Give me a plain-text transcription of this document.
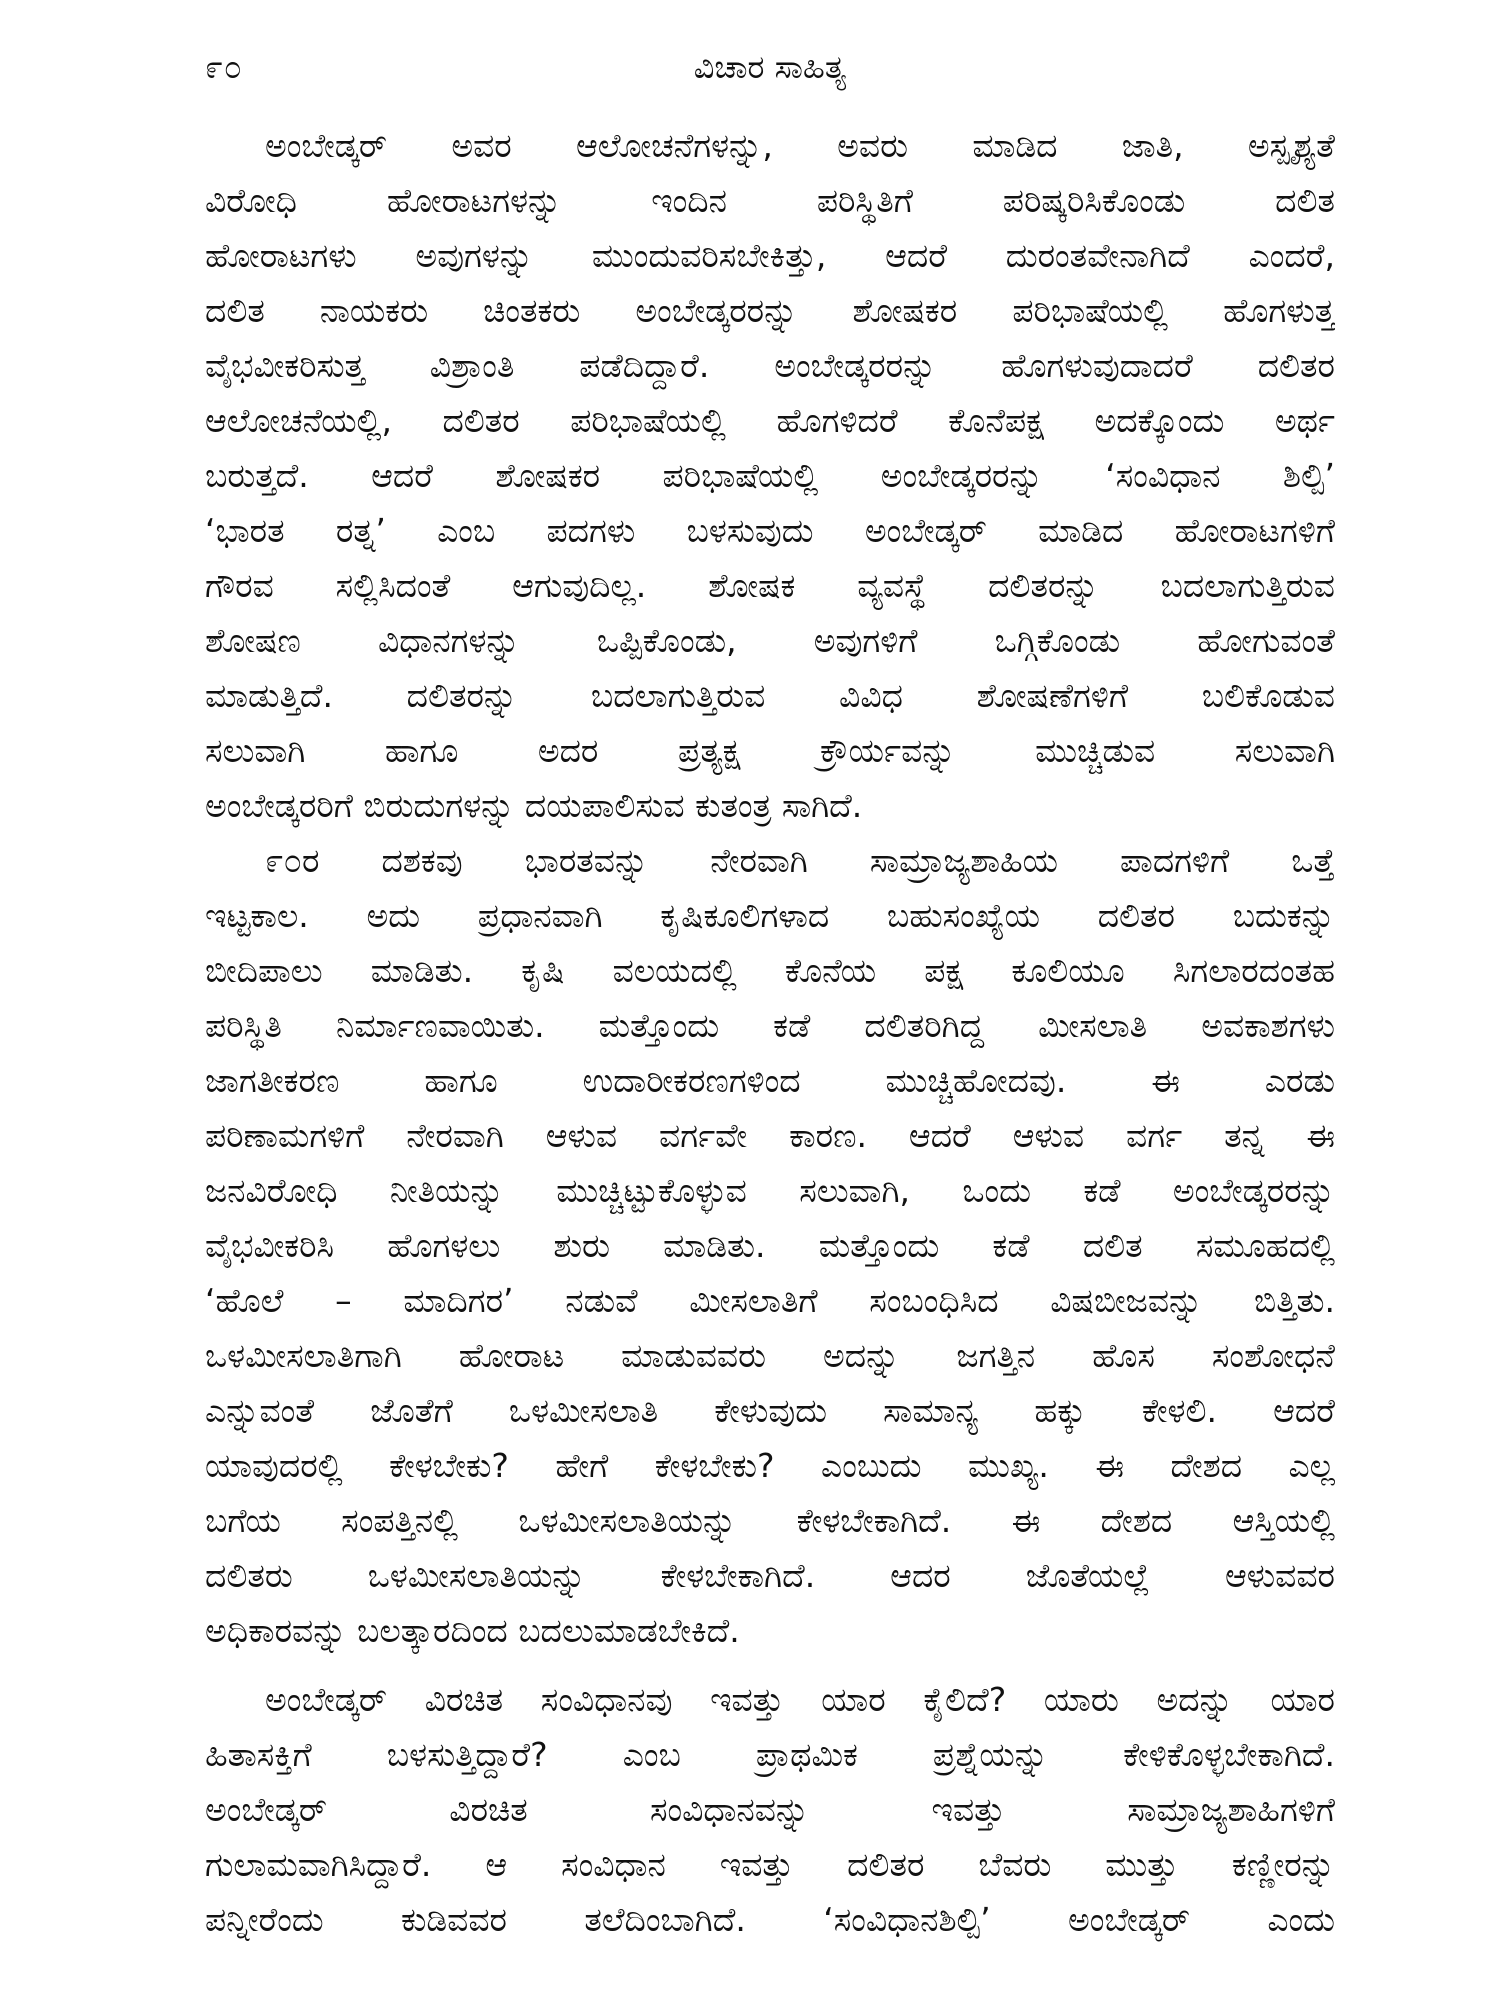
೯೦	ವಿಚಾರ ಸಾಹಿತ್ಯ
ಅಂಬೇಡ್ಕರ್ ಅವರ ಆಲೋಚನೆಗಳನ್ನು, ಅವರು ಮಾಡಿದ ಜಾತಿ, ಅಸ್ಪೃಶ್ಯತೆ
ವಿರೋಧಿ ಹೋರಾಟಗಳನ್ನು ಇಂದಿನ ಪರಿಸ್ಥಿತಿಗೆ ಪರಿಷ್ಕರಿಸಿಕೊಂಡು ದಲಿತ
ಹೋರಾಟಗಳು ಅವುಗಳನ್ನು ಮುಂದುವರಿಸಬೇಕಿತ್ತು, ಆದರೆ ದುರಂತವೇನಾಗಿದೆ ಎಂದರೆ,
ದಲಿತ ನಾಯಕರು ಚಿಂತಕರು ಅಂಬೇಡ್ಕರರನ್ನು ಶೋಷಕರ ಪರಿಭಾಷೆಯಲ್ಲಿ ಹೊಗಳುತ್ತ
ವೈಭವೀಕರಿಸುತ್ತ ವಿಶ್ರಾಂತಿ ಪಡೆದಿದ್ದಾರೆ. ಅಂಬೇಡ್ಕರರನ್ನು ಹೊಗಳುವುದಾದರೆ ದಲಿತರ
ಆಲೋಚನೆಯಲ್ಲಿ, ದಲಿತರ ಪರಿಭಾಷೆಯಲ್ಲಿ ಹೊಗಳಿದರೆ ಕೊನೆಪಕ್ಷ ಅದಕ್ಕೊಂದು ಅರ್ಥ
ಬರುತ್ತದೆ. ಆದರೆ ಶೋಷಕರ ಪರಿಭಾಷೆಯಲ್ಲಿ ಅಂಬೇಡ್ಕರರನ್ನು ‘ಸಂವಿಧಾನ ಶಿಲ್ಪಿ’
‘ಭಾರತ ರತ್ನ’ ಎಂಬ ಪದಗಳು ಬಳಸುವುದು ಅಂಬೇಡ್ಕರ್ ಮಾಡಿದ ಹೋರಾಟಗಳಿಗೆ
ಗೌರವ ಸಲ್ಲಿಸಿದಂತೆ ಆಗುವುದಿಲ್ಲ. ಶೋಷಕ ವ್ಯವಸ್ಥೆ ದಲಿತರನ್ನು ಬದಲಾಗುತ್ತಿರುವ
ಶೋಷಣ ವಿಧಾನಗಳನ್ನು ಒಪ್ಪಿಕೊಂಡು, ಅವುಗಳಿಗೆ ಒಗ್ಗಿಕೊಂಡು ಹೋಗುವಂತೆ
ಮಾಡುತ್ತಿದೆ. ದಲಿತರನ್ನು ಬದಲಾಗುತ್ತಿರುವ ವಿವಿಧ ಶೋಷಣೆಗಳಿಗೆ ಬಲಿಕೊಡುವ
ಸಲುವಾಗಿ ಹಾಗೂ ಅದರ ಪ್ರತ್ಯಕ್ಷ ಕ್ರೌರ್ಯವನ್ನು ಮುಚ್ಚಿಡುವ ಸಲುವಾಗಿ
ಅಂಬೇಡ್ಕರರಿಗೆ ಬಿರುದುಗಳನ್ನು ದಯಪಾಲಿಸುವ ಕುತಂತ್ರ ಸಾಗಿದೆ.
೯೦ರ ದಶಕವು ಭಾರತವನ್ನು ನೇರವಾಗಿ ಸಾಮ್ರಾಜ್ಯಶಾಹಿಯ ಪಾದಗಳಿಗೆ ಒತ್ತೆ
ಇಟ್ಟಕಾಲ. ಅದು ಪ್ರಧಾನವಾಗಿ ಕೃಷಿಕೂಲಿಗಳಾದ ಬಹುಸಂಖ್ಯೆಯ ದಲಿತರ ಬದುಕನ್ನು
ಬೀದಿಪಾಲು ಮಾಡಿತು. ಕೃಷಿ ವಲಯದಲ್ಲಿ ಕೊನೆಯ ಪಕ್ಷ ಕೂಲಿಯೂ ಸಿಗಲಾರದಂತಹ
ಪರಿಸ್ಥಿತಿ ನಿರ್ಮಾಣವಾಯಿತು. ಮತ್ತೊಂದು ಕಡೆ ದಲಿತರಿಗಿದ್ದ ಮೀಸಲಾತಿ ಅವಕಾಶಗಳು
ಜಾಗತೀಕರಣ ಹಾಗೂ ಉದಾರೀಕರಣಗಳಿಂದ ಮುಚ್ಚಿಹೋದವು. ಈ ಎರಡು
ಪರಿಣಾಮಗಳಿಗೆ ನೇರವಾಗಿ ಆಳುವ ವರ್ಗವೇ ಕಾರಣ. ಆದರೆ ಆಳುವ ವರ್ಗ ತನ್ನ ಈ
ಜನವಿರೋಧಿ ನೀತಿಯನ್ನು ಮುಚ್ಚಿಟ್ಟುಕೊಳ್ಳುವ ಸಲುವಾಗಿ, ಒಂದು ಕಡೆ ಅಂಬೇಡ್ಕರರನ್ನು
ವೈಭವೀಕರಿಸಿ ಹೊಗಳಲು ಶುರು ಮಾಡಿತು. ಮತ್ತೊಂದು ಕಡೆ ದಲಿತ ಸಮೂಹದಲ್ಲಿ
‘ಹೊಲೆ – ಮಾದಿಗರ’ ನಡುವೆ ಮೀಸಲಾತಿಗೆ ಸಂಬಂಧಿಸಿದ ವಿಷಬೀಜವನ್ನು ಬಿತ್ತಿತು.
ಒಳಮೀಸಲಾತಿಗಾಗಿ ಹೋರಾಟ ಮಾಡುವವರು ಅದನ್ನು ಜಗತ್ತಿನ ಹೊಸ ಸಂಶೋಧನೆ
ಎನ್ನುವಂತೆ ಜೊತೆಗೆ ಒಳಮೀಸಲಾತಿ ಕೇಳುವುದು ಸಾಮಾನ್ಯ ಹಕ್ಕು ಕೇಳಲಿ. ಆದರೆ
ಯಾವುದರಲ್ಲಿ ಕೇಳಬೇಕು? ಹೇಗೆ ಕೇಳಬೇಕು? ಎಂಬುದು ಮುಖ್ಯ. ಈ ದೇಶದ ಎಲ್ಲ
ಬಗೆಯ ಸಂಪತ್ತಿನಲ್ಲಿ ಒಳಮೀಸಲಾತಿಯನ್ನು ಕೇಳಬೇಕಾಗಿದೆ. ಈ ದೇಶದ ಆಸ್ತಿಯಲ್ಲಿ
ದಲಿತರು ಒಳಮೀಸಲಾತಿಯನ್ನು ಕೇಳಬೇಕಾಗಿದೆ. ಆದರ ಜೊತೆಯಲ್ಲೆ ಆಳುವವರ
ಅಧಿಕಾರವನ್ನು ಬಲತ್ಕಾರದಿಂದ ಬದಲುಮಾಡಬೇಕಿದೆ.
ಅಂಬೇಡ್ಕರ್ ವಿರಚಿತ ಸಂವಿಧಾನವು ಇವತ್ತು ಯಾರ ಕೈಲಿದೆ? ಯಾರು ಅದನ್ನು ಯಾರ
ಹಿತಾಸಕ್ತಿಗೆ ಬಳಸುತ್ತಿದ್ದಾರೆ? ಎಂಬ ಪ್ರಾಥಮಿಕ ಪ್ರಶ್ನೆಯನ್ನು ಕೇಳಿಕೊಳ್ಳಬೇಕಾಗಿದೆ.
ಅಂಬೇಡ್ಕರ್ ವಿರಚಿತ ಸಂವಿಧಾನವನ್ನು ಇವತ್ತು ಸಾಮ್ರಾಜ್ಯಶಾಹಿಗಳಿಗೆ
ಗುಲಾಮವಾಗಿಸಿದ್ದಾರೆ. ಆ ಸಂವಿಧಾನ ಇವತ್ತು ದಲಿತರ ಬೆವರು ಮುತ್ತು ಕಣ್ಣೀರನ್ನು
ಪನ್ನೀರೆಂದು ಕುಡಿವವರ ತಲೆದಿಂಬಾಗಿದೆ. ‘ಸಂವಿಧಾನಶಿಲ್ಪಿ’ ಅಂಬೇಡ್ಕರ್ ಎಂದು
